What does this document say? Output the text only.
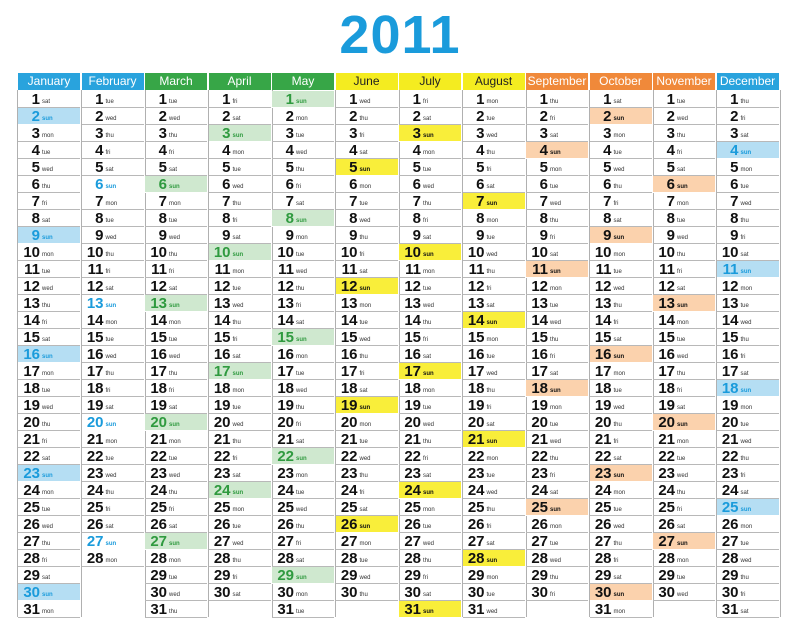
2011
January
1 sat
2 sun
3 mon
4 tue
5 wed
6 thu
7 fri
8 sat
9 sun
10 mon
11 tue
12 wed
13 thu
14 fri
15 sat
16 sun
17 mon
18 tue
19 wed
20 thu
21 fri
22 sat
23 sun
24 mon
25 tue
26 wed
27 thu
28 fri
29 sat
30 sun
31 mon
February
1 tue
2 wed
3 thu
4 fri
5 sat
6 sun
7 mon
8 tue
9 wed
10 thu
11 fri
12 sat
13 sun
14 mon
15 tue
16 wed
17 thu
18 fri
19 sat
20 sun
21 mon
22 tue
23 wed
24 thu
25 fri
26 sat
27 sun
28 mon
March
1 tue
2 wed
3 thu
4 fri
5 sat
6 sun
7 mon
8 tue
9 wed
10 thu
11 fri
12 sat
13 sun
14 mon
15 tue
16 wed
17 thu
18 fri
19 sat
20 sun
21 mon
22 tue
23 wed
24 thu
25 fri
26 sat
27 sun
28 mon
29 tue
30 wed
31 thu
April
1 fri
2 sat
3 sun
4 mon
5 tue
6 wed
7 thu
8 fri
9 sat
10 sun
11 mon
12 tue
13 wed
14 thu
15 fri
16 sat
17 sun
18 mon
19 tue
20 wed
21 thu
22 fri
23 sat
24 sun
25 mon
26 tue
27 wed
28 thu
29 fri
30 sat
May
1 sun
2 mon
3 tue
4 wed
5 thu
6 fri
7 sat
8 sun
9 mon
10 tue
11 wed
12 thu
13 fri
14 sat
15 sun
16 mon
17 tue
18 wed
19 thu
20 fri
21 sat
22 sun
23 mon
24 tue
25 wed
26 thu
27 fri
28 sat
29 sun
30 mon
31 tue
June
1 wed
2 thu
3 fri
4 sat
5 sun
6 mon
7 tue
8 wed
9 thu
10 fri
11 sat
12 sun
13 mon
14 tue
15 wed
16 thu
17 fri
18 sat
19 sun
20 mon
21 tue
22 wed
23 thu
24 fri
25 sat
26 sun
27 mon
28 tue
29 wed
30 thu
July
1 fri
2 sat
3 sun
4 mon
5 tue
6 wed
7 thu
8 fri
9 sat
10 sun
11 mon
12 tue
13 wed
14 thu
15 fri
16 sat
17 sun
18 mon
19 tue
20 wed
21 thu
22 fri
23 sat
24 sun
25 mon
26 tue
27 wed
28 thu
29 fri
30 sat
31 sun
August
1 mon
2 tue
3 wed
4 thu
5 fri
6 sat
7 sun
8 mon
9 tue
10 wed
11 thu
12 fri
13 sat
14 sun
15 mon
16 tue
17 wed
18 thu
19 fri
20 sat
21 sun
22 mon
23 tue
24 wed
25 thu
26 fri
27 sat
28 sun
29 mon
30 tue
31 wed
September
1 thu
2 fri
3 sat
4 sun
5 mon
6 tue
7 wed
8 thu
9 fri
10 sat
11 sun
12 mon
13 tue
14 wed
15 thu
16 fri
17 sat
18 sun
19 mon
20 tue
21 wed
22 thu
23 fri
24 sat
25 sun
26 mon
27 tue
28 wed
29 thu
30 fri
October
1 sat
2 sun
3 mon
4 tue
5 wed
6 thu
7 fri
8 sat
9 sun
10 mon
11 tue
12 wed
13 thu
14 fri
15 sat
16 sun
17 mon
18 tue
19 wed
20 thu
21 fri
22 sat
23 sun
24 mon
25 tue
26 wed
27 thu
28 fri
29 sat
30 sun
31 mon
November
1 tue
2 wed
3 thu
4 fri
5 sat
6 sun
7 mon
8 tue
9 wed
10 thu
11 fri
12 sat
13 sun
14 mon
15 tue
16 wed
17 thu
18 fri
19 sat
20 sun
21 mon
22 tue
23 wed
24 thu
25 fri
26 sat
27 sun
28 mon
29 tue
30 wed
December
1 thu
2 fri
3 sat
4 sun
5 mon
6 tue
7 wed
8 thu
9 fri
10 sat
11 sun
12 mon
13 tue
14 wed
15 thu
16 fri
17 sat
18 sun
19 mon
20 tue
21 wed
22 thu
23 fri
24 sat
25 sun
26 mon
27 tue
28 wed
29 thu
30 fri
31 sat
